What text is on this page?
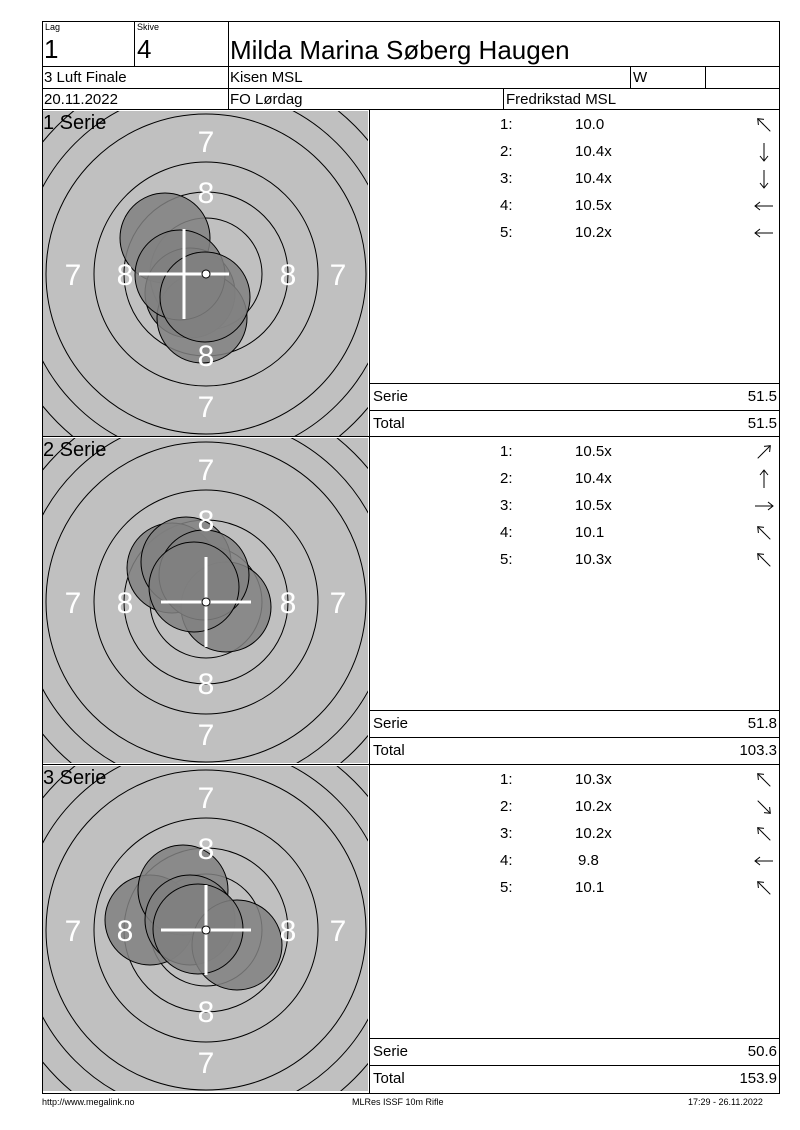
Lag
1
Skive
4	Milda Marina Søberg Haugen
3 Luft Finale	Kisen MSL	W
20.11.2022	FO Lørdag	Fredrikstad MSL
7
8
7 8	8 7
8
7
1 Serie	1:	10.0
2:	10.4x
3:	10.4x
4:	10.5x
5:	10.2x
Serie	51.5
Total	51.5
7
8
7 8	8 7
8
7
2 Serie	1:	10.5x
2:	10.4x
3:	10.5x
4:	10.1
5:	10.3x
Serie	51.8
Total	103.3
7
8
7 8	8 7
8
7
3 Serie	1:	10.3x
2:	10.2x
3:	10.2x
4:	9.8
5:	10.1
Serie	50.6
Total	153.9
http://www.megalink.no	MLRes ISSF 10m Rifle	17:29 - 26.11.2022
